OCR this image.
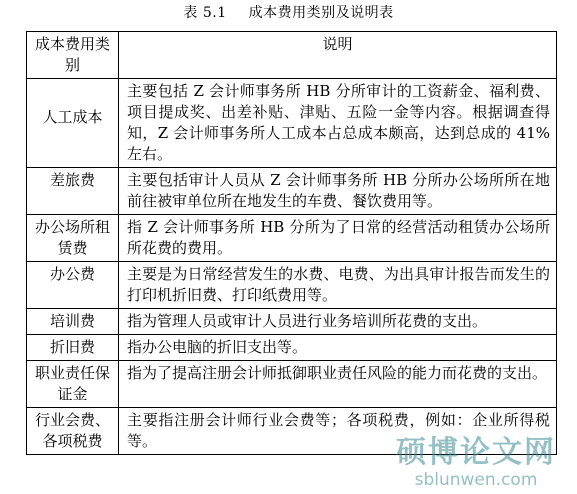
表 5.1 成本费用类别及说明表
成本费用类别	说明
人工成本	主要包括 Z 会计师事务所 HB 分所审计的工资薪金、福利费、项目提成奖、出差补贴、津贴、五险一金等内容。根据调查得知，Z 会计师事务所人工成本占总成本颇高，达到总成的 41%左右。
差旅费	主要包括审计人员从 Z 会计师事务所 HB 分所办公场所所在地前往被审单位所在地发生的车费、餐饮费用等。
办公场所租赁费	指 Z 会计师事务所 HB 分所为了日常的经营活动租赁办公场所所花费的费用。
办公费	主要是为日常经营发生的水费、电费、为出具审计报告而发生的打印机折旧费、打印纸费用等。
培训费	指为管理人员或审计人员进行业务培训所花费的支出。
折旧费	指办公电脑的折旧支出等。
职业责任保证金	指为了提高注册会计师抵御职业责任风险的能力而花费的支出。
行业会费、各项税费	主要指注册会计师行业会费等；各项税费，例如：企业所得税等。	硕博论文网
sblunwen.com
